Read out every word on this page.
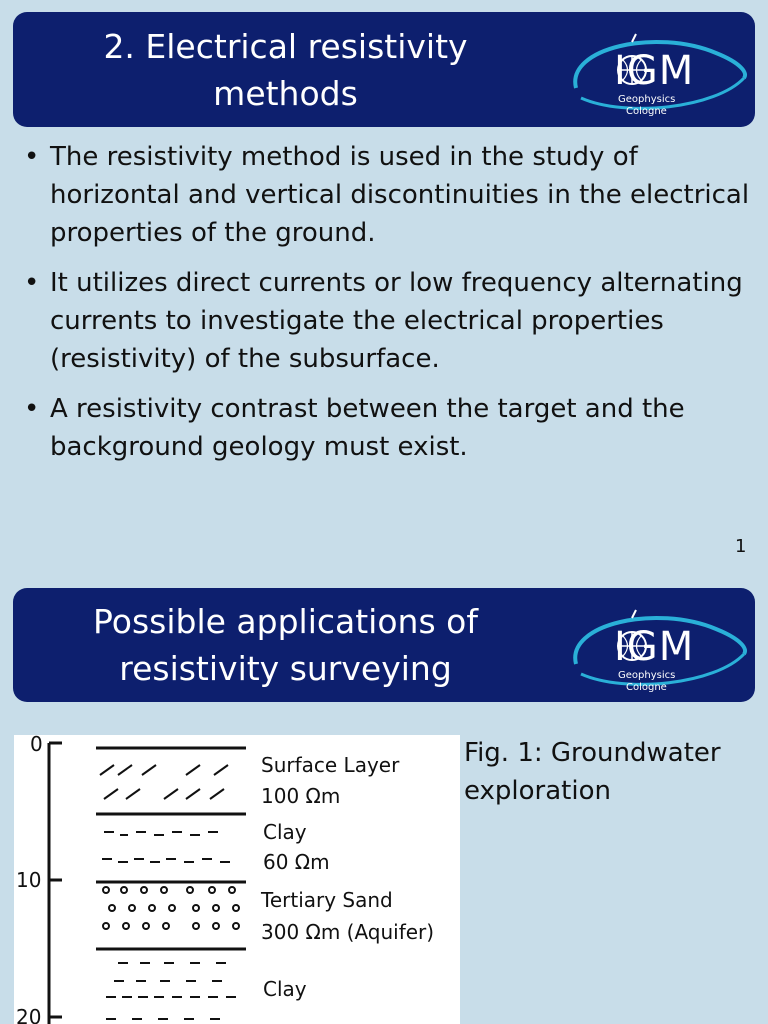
2. Electrical resistivity
methods	IGM
Geophysics
Cologne
• The resistivity method is used in the study of horizontal and vertical discontinuities in the electrical properties of the ground.
• It utilizes direct currents or low frequency alternating currents to investigate the electrical properties (resistivity) of the subsurface.
• A resistivity contrast between the target and the background geology must exist.
1
Possible applications of
resistivity surveying	IGM
Geophysics
Cologne
0
10
20
Surface Layer
100 Ωm
Clay
60 Ωm
Tertiary Sand
300 Ωm (Aquifer)
Clay
Fig. 1: Groundwater exploration
